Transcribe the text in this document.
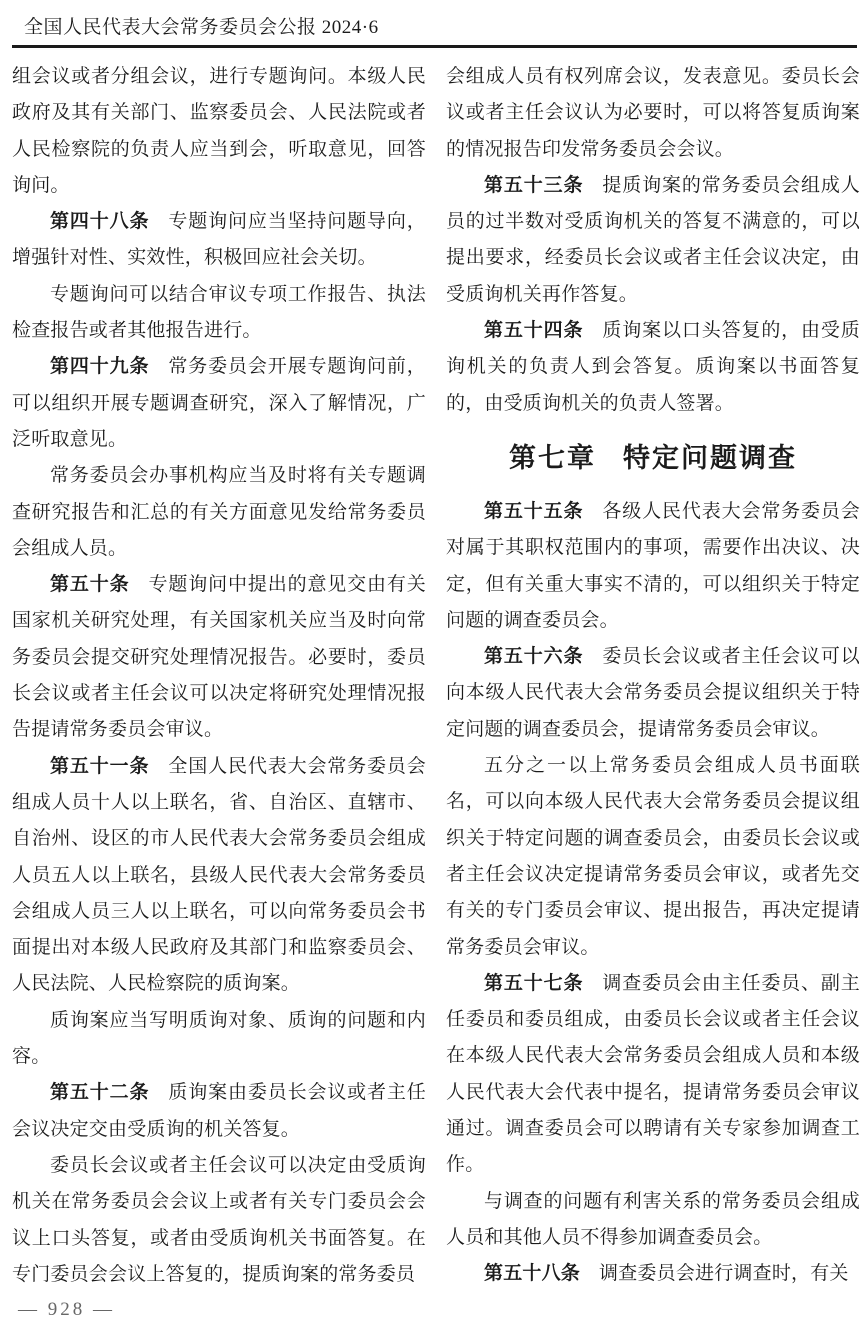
全国人民代表大会常务委员会公报 2024·6

组会议或者分组会议，进行专题询问。本级人民政府及其有关部门、监察委员会、人民法院或者人民检察院的负责人应当到会，听取意见，回答询问。

第四十八条 专题询问应当坚持问题导向，增强针对性、实效性，积极回应社会关切。

专题询问可以结合审议专项工作报告、执法检查报告或者其他报告进行。

第四十九条 常务委员会开展专题询问前，可以组织开展专题调查研究，深入了解情况，广泛听取意见。

常务委员会办事机构应当及时将有关专题调查研究报告和汇总的有关方面意见发给常务委员会组成人员。

第五十条 专题询问中提出的意见交由有关国家机关研究处理，有关国家机关应当及时向常务委员会提交研究处理情况报告。必要时，委员长会议或者主任会议可以决定将研究处理情况报告提请常务委员会审议。

第五十一条 全国人民代表大会常务委员会组成人员十人以上联名，省、自治区、直辖市、自治州、设区的市人民代表大会常务委员会组成人员五人以上联名，县级人民代表大会常务委员会组成人员三人以上联名，可以向常务委员会书面提出对本级人民政府及其部门和监察委员会、人民法院、人民检察院的质询案。

质询案应当写明质询对象、质询的问题和内容。

第五十二条 质询案由委员长会议或者主任会议决定交由受质询的机关答复。

委员长会议或者主任会议可以决定由受质询机关在常务委员会会议上或者有关专门委员会会议上口头答复，或者由受质询机关书面答复。在专门委员会会议上答复的，提质询案的常务委员

会组成人员有权列席会议，发表意见。委员长会议或者主任会议认为必要时，可以将答复质询案的情况报告印发常务委员会会议。

第五十三条 提质询案的常务委员会组成人员的过半数对受质询机关的答复不满意的，可以提出要求，经委员长会议或者主任会议决定，由受质询机关再作答复。

第五十四条 质询案以口头答复的，由受质询机关的负责人到会答复。质询案以书面答复的，由受质询机关的负责人签署。

第七章 特定问题调查

第五十五条 各级人民代表大会常务委员会对属于其职权范围内的事项，需要作出决议、决定，但有关重大事实不清的，可以组织关于特定问题的调查委员会。

第五十六条 委员长会议或者主任会议可以向本级人民代表大会常务委员会提议组织关于特定问题的调查委员会，提请常务委员会审议。

五分之一以上常务委员会组成人员书面联名，可以向本级人民代表大会常务委员会提议组织关于特定问题的调查委员会，由委员长会议或者主任会议决定提请常务委员会审议，或者先交有关的专门委员会审议、提出报告，再决定提请常务委员会审议。

第五十七条 调查委员会由主任委员、副主任委员和委员组成，由委员长会议或者主任会议在本级人民代表大会常务委员会组成人员和本级人民代表大会代表中提名，提请常务委员会审议通过。调查委员会可以聘请有关专家参加调查工作。

与调查的问题有利害关系的常务委员会组成人员和其他人员不得参加调查委员会。

第五十八条 调查委员会进行调查时，有关

— 928 —
